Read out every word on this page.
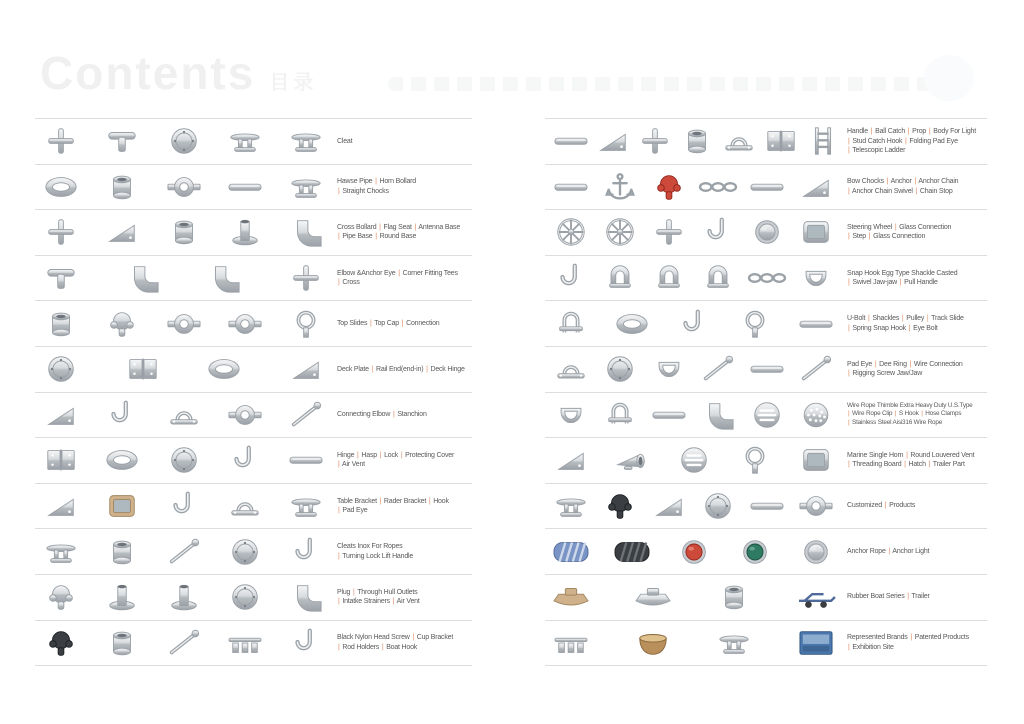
Contents 目录
Cleat
Hawse Pipe | Horn Bollard
| Straight Chocks
Cross Bollard | Flag Seat | Antenna Base
| Pipe Base | Round Base
Elbow &Anchor Eye | Corner Fitting Tees
| Cross
Top Slides | Top Cap | Connection
Deck Plate | Rail End(end-in) | Deck Hinge
Connecting Elbow | Stanchion
Hinge | Hasp | Lock | Protecting Cover
| Air Vent
Table Bracket | Rader Bracket | Hook
| Pad Eye
Cleats Inox For Ropes
| Turning Lock Lift Handle
Plug | Through Hull Outlets
| Intatke Strainers | Air Vent
Black Nylon Head Screw | Cup Bracket
| Rod Holders | Boat Hook
Handle | Ball Catch | Prop | Body For Light
| Stud Catch Hook | Folding Pad Eye
| Telescopic Ladder
Bow Chocks | Anchor | Anchor Chain
| Anchor Chain Swivel | Chain Stop
Steering Wheel | Glass Connection
| Step | Glass Connection
Snap Hook Egg Type Shackle Casted
| Swivel Jaw-jaw | Pull Handle
U-Bolt | Shackles | Pulley | Track Slide
| Spring Snap Hook | Eye Bolt
Pad Eye | Dee Ring | Wire Connection
| Rigging Screw Jaw/Jaw
Wire Rope Thimble Extra Heavy Duty U.S.Type
| Wire Rope Clip | S Hook | Hose Clamps
| Stainless Steel Aisi316 Wire Rope
Marine Single Horn | Round Louvered Vent
| Threading Board | Hatch | Trailer Part
Customized | Products
Anchor Rope | Anchor Light
Rubber Boat Series | Trailer
Represented Brands | Patented Products
| Exhibition Site
